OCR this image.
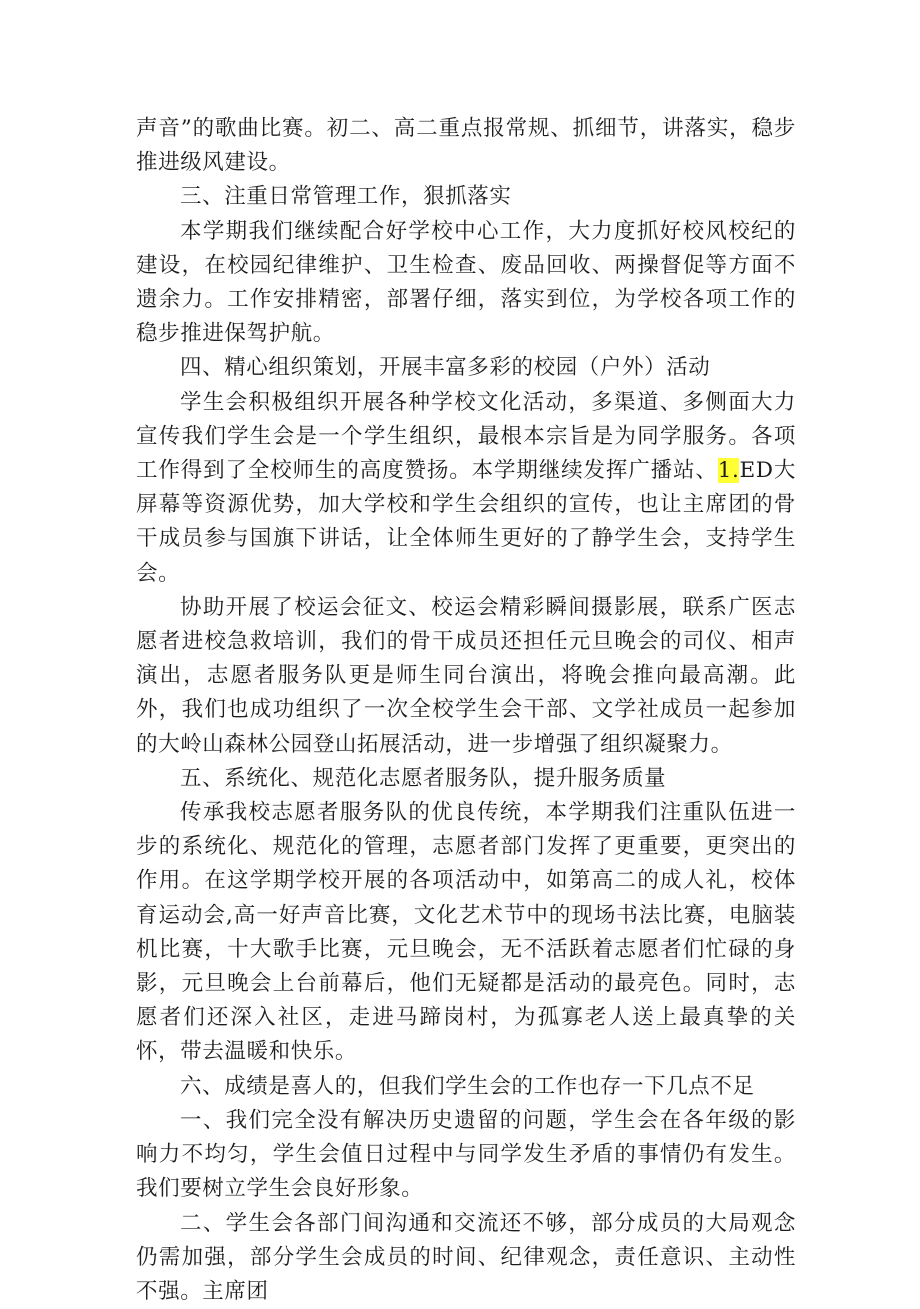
声音”的歌曲比赛。初二、高二重点报常规、抓细节，讲落实，稳步推进级风建设。

三、注重日常管理工作，狠抓落实

本学期我们继续配合好学校中心工作，大力度抓好校风校纪的建设，在校园纪律维护、卫生检查、废品回收、两操督促等方面不遗余力。工作安排精密，部署仔细，落实到位，为学校各项工作的稳步推进保驾护航。

四、精心组织策划，开展丰富多彩的校园（户外）活动

学生会积极组织开展各种学校文化活动，多渠道、多侧面大力宣传我们学生会是一个学生组织，最根本宗旨是为同学服务。各项工作得到了全校师生的高度赞扬。本学期继续发挥广播站、1.ED大屏幕等资源优势，加大学校和学生会组织的宣传，也让主席团的骨干成员参与国旗下讲话，让全体师生更好的了静学生会，支持学生会。

协助开展了校运会征文、校运会精彩瞬间摄影展，联系广医志愿者进校急救培训，我们的骨干成员还担任元旦晚会的司仪、相声演出，志愿者服务队更是师生同台演出，将晚会推向最高潮。此外，我们也成功组织了一次全校学生会干部、文学社成员一起参加的大岭山森林公园登山拓展活动，进一步增强了组织凝聚力。

五、系统化、规范化志愿者服务队，提升服务质量

传承我校志愿者服务队的优良传统，本学期我们注重队伍进一步的系统化、规范化的管理，志愿者部门发挥了更重要，更突出的作用。在这学期学校开展的各项活动中，如第高二的成人礼，校体育运动会,高一好声音比赛，文化艺术节中的现场书法比赛，电脑装机比赛，十大歌手比赛，元旦晚会，无不活跃着志愿者们忙碌的身影，元旦晚会上台前幕后，他们无疑都是活动的最亮色。同时，志愿者们还深入社区，走进马蹄岗村，为孤寡老人送上最真挚的关怀，带去温暖和快乐。

六、成绩是喜人的，但我们学生会的工作也存一下几点不足

一、我们完全没有解决历史遗留的问题，学生会在各年级的影响力不均匀，学生会值日过程中与同学发生矛盾的事情仍有发生。我们要树立学生会良好形象。

二、学生会各部门间沟通和交流还不够，部分成员的大局观念仍需加强，部分学生会成员的时间、纪律观念，责任意识、主动性不强。主席团
